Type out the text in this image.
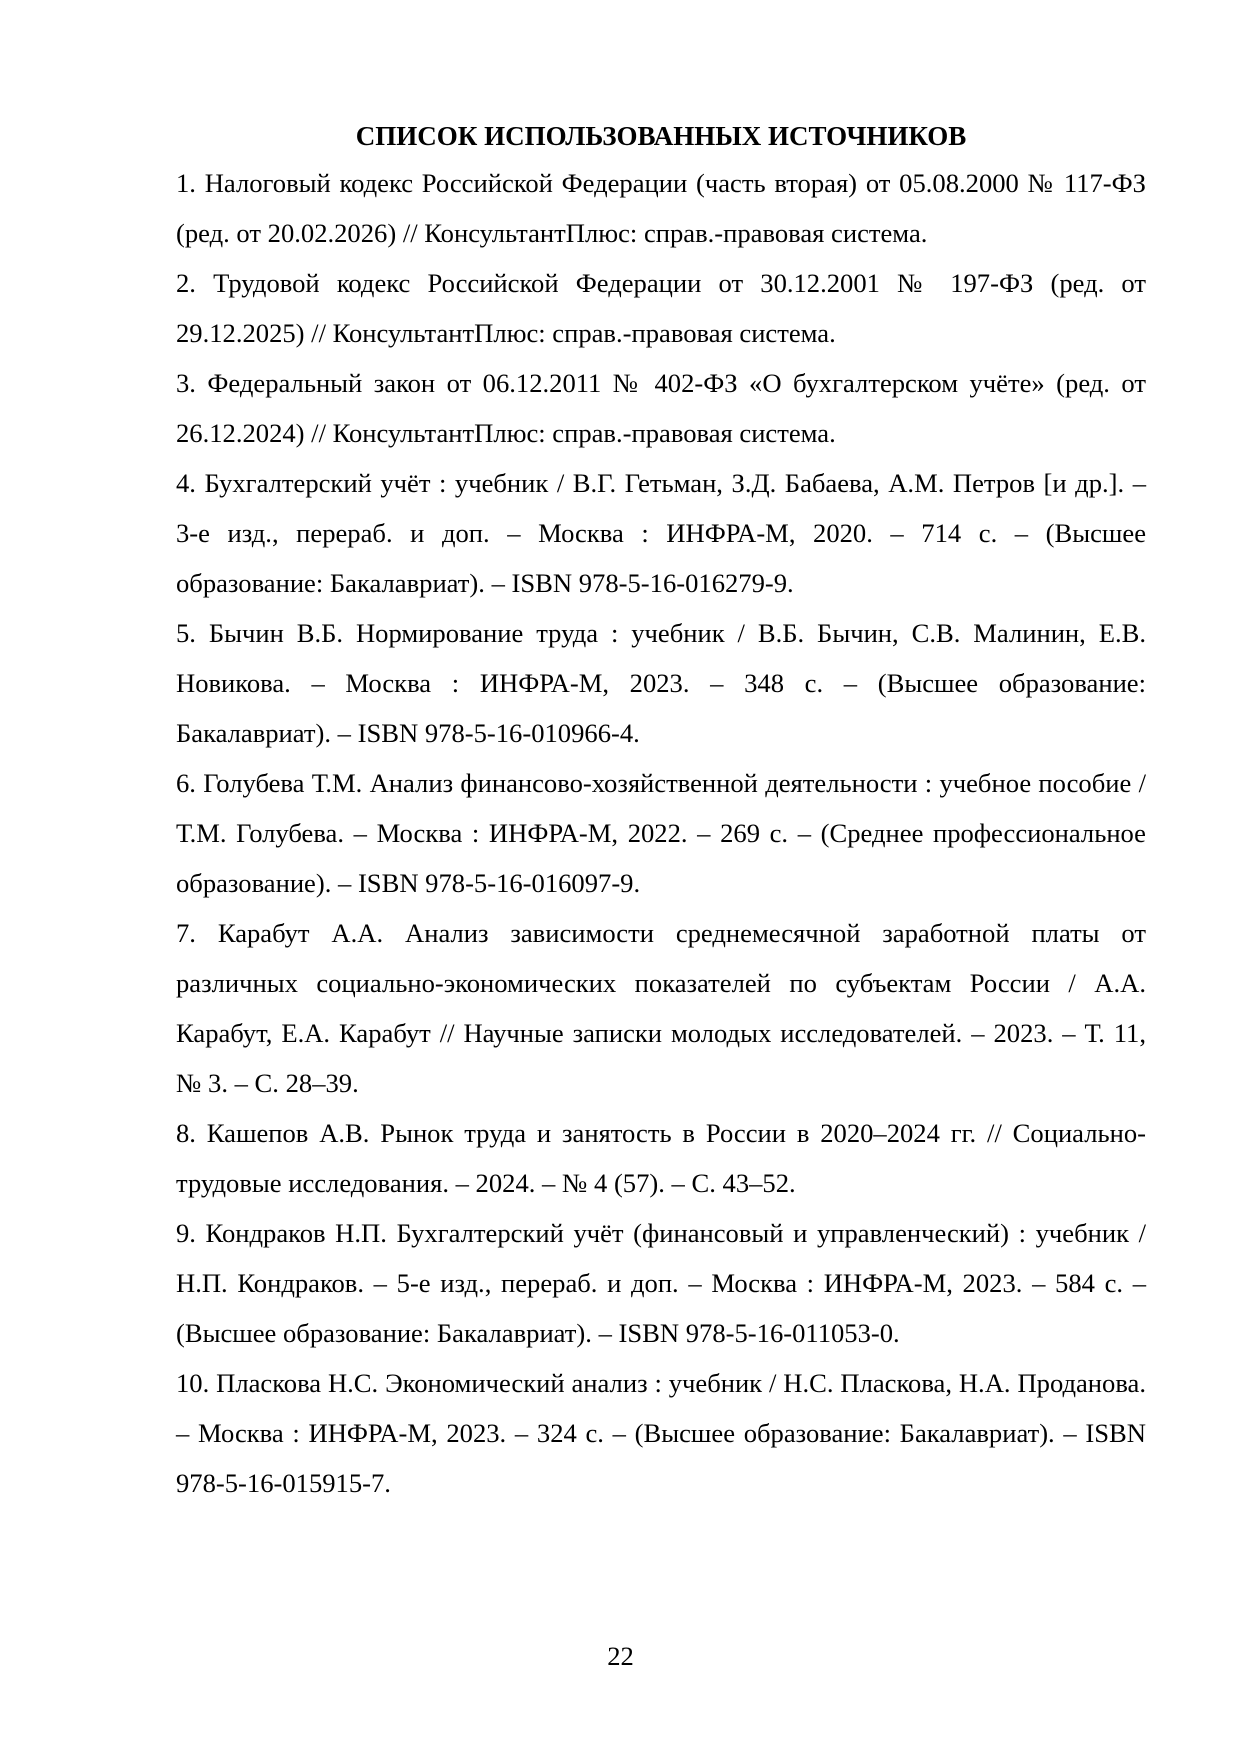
СПИСОК ИСПОЛЬЗОВАННЫХ ИСТОЧНИКОВ
1. Налоговый кодекс Российской Федерации (часть вторая) от 05.08.2000 № 117-ФЗ (ред. от 20.02.2026) // КонсультантПлюс: справ.-правовая система.
2. Трудовой кодекс Российской Федерации от 30.12.2001 № 197-ФЗ (ред. от 29.12.2025) // КонсультантПлюс: справ.-правовая система.
3. Федеральный закон от 06.12.2011 № 402-ФЗ «О бухгалтерском учёте» (ред. от 26.12.2024) // КонсультантПлюс: справ.-правовая система.
4. Бухгалтерский учёт : учебник / В.Г. Гетьман, З.Д. Бабаева, А.М. Петров [и др.]. – 3-е изд., перераб. и доп. – Москва : ИНФРА-М, 2020. – 714 с. – (Высшее образование: Бакалавриат). – ISBN 978-5-16-016279-9.
5. Бычин В.Б. Нормирование труда : учебник / В.Б. Бычин, С.В. Малинин, Е.В. Новикова. – Москва : ИНФРА-М, 2023. – 348 с. – (Высшее образование: Бакалавриат). – ISBN 978-5-16-010966-4.
6. Голубева Т.М. Анализ финансово-хозяйственной деятельности : учебное пособие / Т.М. Голубева. – Москва : ИНФРА-М, 2022. – 269 с. – (Среднее профессиональное образование). – ISBN 978-5-16-016097-9.
7. Карабут А.А. Анализ зависимости среднемесячной заработной платы от различных социально-экономических показателей по субъектам России / А.А. Карабут, Е.А. Карабут // Научные записки молодых исследователей. – 2023. – Т. 11, № 3. – С. 28–39.
8. Кашепов А.В. Рынок труда и занятость в России в 2020–2024 гг. // Социально-трудовые исследования. – 2024. – № 4 (57). – С. 43–52.
9. Кондраков Н.П. Бухгалтерский учёт (финансовый и управленческий) : учебник / Н.П. Кондраков. – 5-е изд., перераб. и доп. – Москва : ИНФРА-М, 2023. – 584 с. – (Высшее образование: Бакалавриат). – ISBN 978-5-16-011053-0.
10. Пласкова Н.С. Экономический анализ : учебник / Н.С. Пласкова, Н.А. Проданова. – Москва : ИНФРА-М, 2023. – 324 с. – (Высшее образование: Бакалавриат). – ISBN 978-5-16-015915-7.
22
